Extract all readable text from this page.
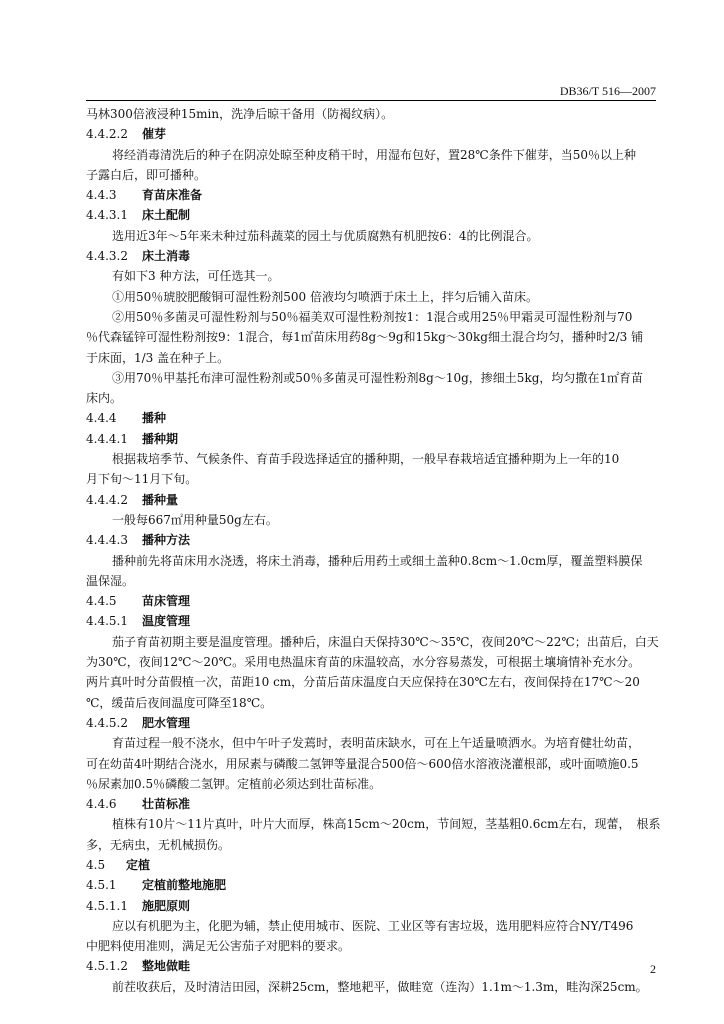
DB36/T 516—2007
马林300倍液浸种15min，洗净后晾干备用（防褐纹病）。
4.4.2.2 催芽
将经消毒清洗后的种子在阴凉处晾至种皮稍干时，用湿布包好，置28℃条件下催芽，当50％以上种
子露白后，即可播种。
4.4.3 育苗床准备
4.4.3.1 床土配制
选用近3年～5年来未种过茄科蔬菜的园土与优质腐熟有机肥按6：4的比例混合。
4.4.3.2 床土消毒
有如下3 种方法，可任选其一。
①用50％琥胶肥酸铜可湿性粉剂500 倍液均匀喷洒于床土上，拌匀后铺入苗床。
②用50％多菌灵可湿性粉剂与50％福美双可湿性粉剂按1：1混合或用25％甲霜灵可湿性粉剂与70
％代森锰锌可湿性粉剂按9：1混合，每1㎡苗床用药8g～9g和15kg～30kg细土混合均匀，播种时2/3 铺
于床面，1/3 盖在种子上。
③用70％甲基托布津可湿性粉剂或50％多菌灵可湿性粉剂8g～10g，掺细土5kg，均匀撒在1㎡育苗
床内。
4.4.4 播种
4.4.4.1 播种期
根据栽培季节、气候条件、育苗手段选择适宜的播种期，一般早春栽培适宜播种期为上一年的10
月下旬～11月下旬。
4.4.4.2 播种量
一般每667㎡用种量50g左右。
4.4.4.3 播种方法
播种前先将苗床用水浇透，将床土消毒，播种后用药土或细土盖种0.8cm～1.0cm厚，覆盖塑料膜保
温保湿。
4.4.5 苗床管理
4.4.5.1 温度管理
茄子育苗初期主要是温度管理。播种后，床温白天保持30℃～35℃，夜间20℃～22℃；出苗后，白天
为30℃，夜间12℃～20℃。采用电热温床育苗的床温较高，水分容易蒸发，可根据土壤墒情补充水分。
两片真叶时分苗假植一次，苗距10 cm，分苗后苗床温度白天应保持在30℃左右，夜间保持在17℃～20
℃，缓苗后夜间温度可降至18℃。
4.4.5.2 肥水管理
育苗过程一般不浇水，但中午叶子发蔫时，表明苗床缺水，可在上午适量喷洒水。为培育健壮幼苗，
可在幼苗4叶期结合浇水，用尿素与磷酸二氢钾等量混合500倍～600倍水溶液浇灌根部，或叶面喷施0.5
％尿素加0.5％磷酸二氢钾。定植前必须达到壮苗标准。
4.4.6 壮苗标准
植株有10片～11片真叶，叶片大而厚，株高15cm～20cm，节间短，茎基粗0.6cm左右，现蕾，　根系
多，无病虫，无机械损伤。
4.5 定植
4.5.1 定植前整地施肥
4.5.1.1 施肥原则
应以有机肥为主，化肥为辅，禁止使用城市、医院、工业区等有害垃圾，选用肥料应符合NY/T496
中肥料使用准则，满足无公害茄子对肥料的要求。
4.5.1.2 整地做畦
前茬收获后，及时清洁田园，深耕25cm，整地耙平，做畦宽（连沟）1.1m～1.3m，畦沟深25cm。
2
